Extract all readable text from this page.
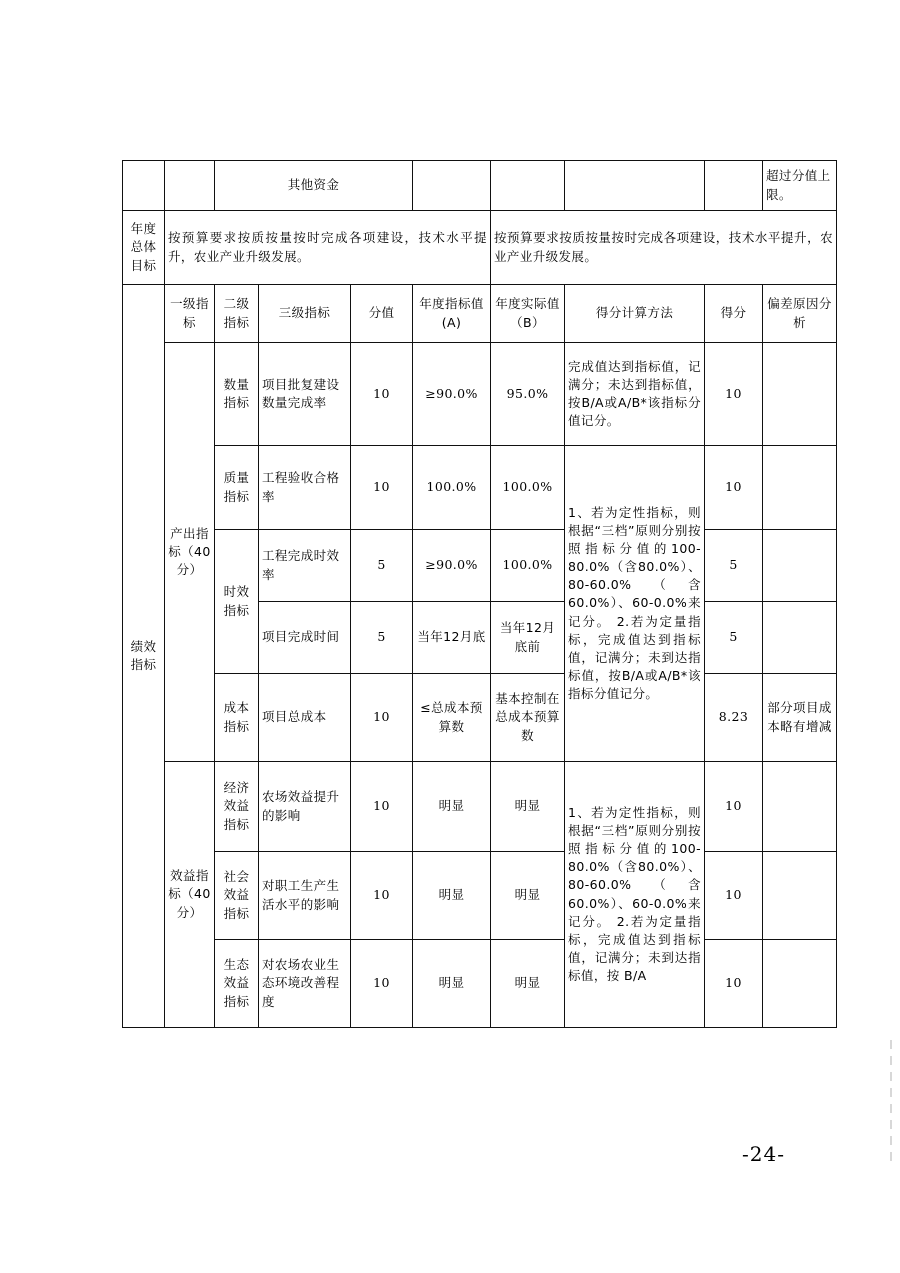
		其他资金							超过分值上限。
年度总体目标	按预算要求按质按量按时完成各项建设，技术水平提升，农业产业升级发展。					按预算要求按质按量按时完成各项建设，技术水平提升，农业产业升级发展。			
绩效指标	一级指标	二级指标	三级指标	分值	年度指标值(A)	年度实际值（B）	得分计算方法	得分	偏差原因分析
	产出指标（40分）	数量指标	项目批复建设数量完成率	10	≥90.0%	95.0%	完成值达到指标值，记满分；未达到指标值，按B/A或A/B*该指标分值记分。	10	
		质量指标	工程验收合格率	10	100.0%	100.0%	1、若为定性指标，则根据“三档”原则分别按照指标分值的100-80.0%（含80.0%）、80-60.0%（含60.0%）、60-0.0%来记分。 2.若为定量指标，完成值达到指标值，记满分；未到达指标值，按B/A或A/B*该指标分值记分。	10	
		时效指标	工程完成时效率	5	≥90.0%	100.0%		5	
			项目完成时间	5	当年12月底	当年12月底前		5	
		成本指标	项目总成本	10	≤总成本预算数	基本控制在总成本预算数		8.23	部分项目成本略有增减
	效益指标（40分）	经济效益指标	农场效益提升的影响	10	明显	明显	1、若为定性指标，则根据“三档”原则分别按照指标分值的100-80.0%（含80.0%）、80-60.0%（含60.0%）、60-0.0%来记分。 2.若为定量指标，完成值达到指标值，记满分；未到达指标值，按 B/A	10	
		社会效益指标	对职工生产生活水平的影响	10	明显	明显		10	
		生态效益指标	对农场农业生态环境改善程度	10	明显	明显		10	
-24-
